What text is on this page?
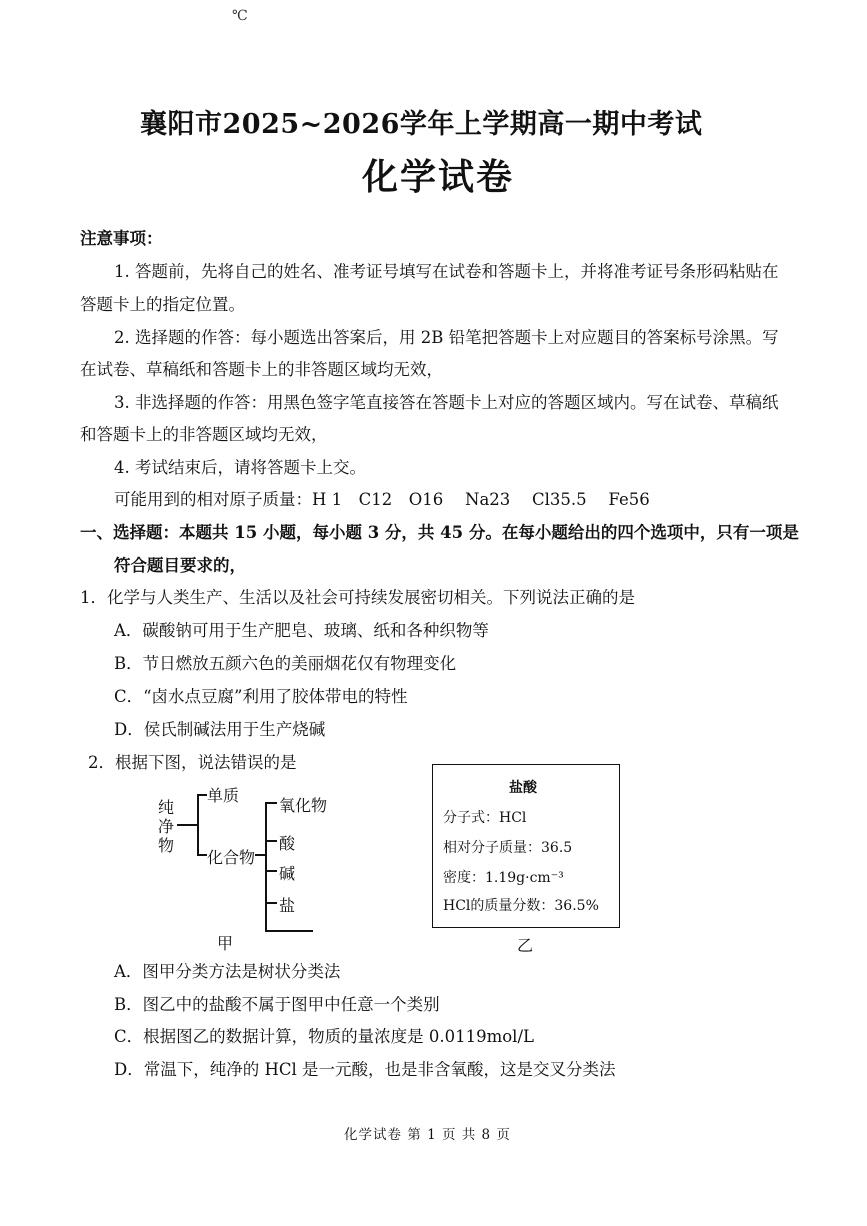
℃
襄阳市2025~2026学年上学期高一期中考试
化学试卷
注意事项：
1. 答题前，先将自己的姓名、准考证号填写在试卷和答题卡上，并将准考证号条形码粘贴在
答题卡上的指定位置。
2. 选择题的作答：每小题选出答案后，用 2B 铅笔把答题卡上对应题目的答案标号涂黑。写
在试卷、草稿纸和答题卡上的非答题区域均无效，
3. 非选择题的作答：用黑色签字笔直接答在答题卡上对应的答题区域内。写在试卷、草稿纸
和答题卡上的非答题区域均无效，
4. 考试结束后，请将答题卡上交。
可能用到的相对原子质量：H 1　C12　O16　 Na23　 Cl35.5　 Fe56
一、选择题：本题共 15 小题，每小题 3 分，共 45 分。在每小题给出的四个选项中，只有一项是
符合题目要求的，
1．化学与人类生产、生活以及社会可持续发展密切相关。下列说法正确的是
A．碳酸钠可用于生产肥皂、玻璃、纸和各种织物等
B．节日燃放五颜六色的美丽烟花仅有物理变化
C．“卤水点豆腐”利用了胶体带电的特性
D．侯氏制碱法用于生产烧碱
2．根据下图，说法错误的是
纯净物
单质
化合物
氧化物
酸
碱
盐
甲
盐酸
分子式：HCl
相对分子质量：36.5
密度：1.19g·cm⁻³
HCl的质量分数：36.5%
乙
A．图甲分类方法是树状分类法
B．图乙中的盐酸不属于图甲中任意一个类别
C．根据图乙的数据计算，物质的量浓度是 0.0119mol/L
D．常温下，纯净的 HCl 是一元酸，也是非含氧酸，这是交叉分类法
化学试卷 第 1 页 共 8 页
